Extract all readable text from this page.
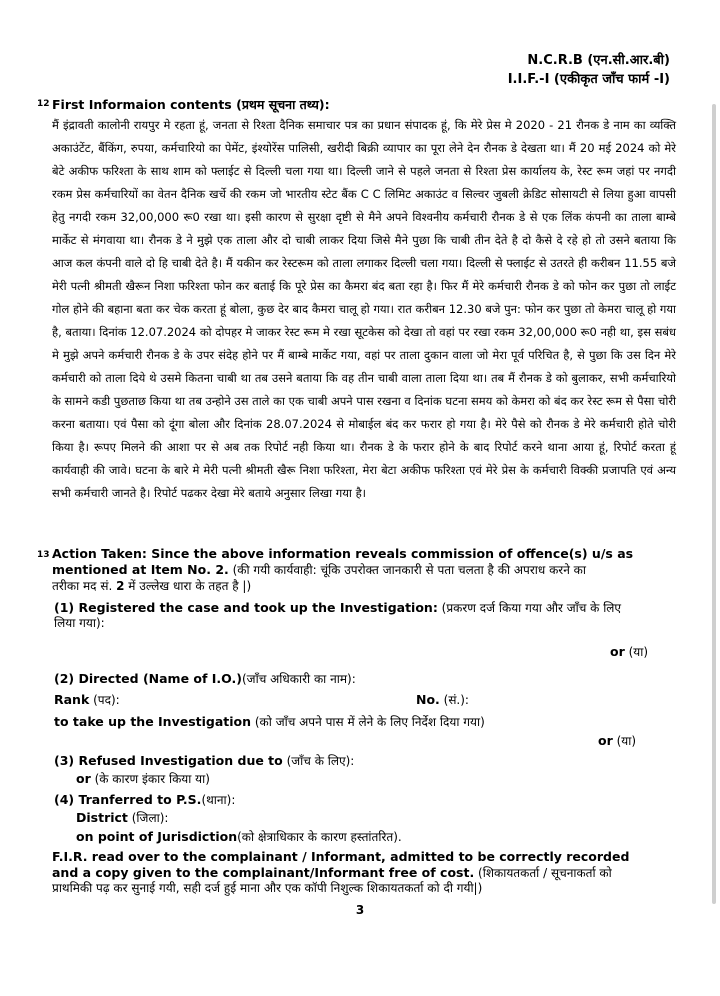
N.C.R.B (एन.सी.आर.बी)
I.I.F.-I (एकीकृत जाँच फार्म -I)
12 First Informaion contents (प्रथम सूचना तथ्य):

मैं इंद्रावती कालोनी रायपुर मे रहता हूं, जनता से रिश्ता दैनिक समाचार पत्र का प्रधान संपादक हूं, कि मेरे प्रेस मे 2020 - 21 रौनक डे नाम का व्यक्ति अकाउंटेंट, बैंकिंग, रुपया, कर्मचारियो का पेमेंट, इंश्योरेंस पालिसी, खरीदी बिक्री व्यापार का पूरा लेने देन रौनक डे देखता था। मैं 20 मई 2024 को मेरे बेटे अकीफ फरिश्ता के साथ शाम को फ्लाईट से दिल्ली चला गया था। दिल्ली जाने से पहले जनता से रिश्ता प्रेस कार्यालय के, रेस्ट रूम जहां पर नगदी रकम प्रेस कर्मचारियों का वेतन दैनिक खर्चे की रकम जो भारतीय स्टेट बैंक C C लिमिट अकाउंट व सिल्वर जुबली क्रेडिट सोसायटी से लिया हुआ वापसी हेतु नगदी रकम 32,00,000 रू0 रखा था। इसी कारण से सुरक्षा दृष्टी से मैने अपने विश्वनीय कर्मचारी रौनक डे से एक लिंक कंपनी का ताला बाम्बे मार्केट से मंगवाया था। रौनक डे ने मुझे एक ताला और दो चाबी लाकर दिया जिसे मैने पुछा कि चाबी तीन देते है दो कैसे दे रहे हो तो उसने बताया कि आज कल कंपनी वाले दो हि चाबी देते है। मैं यकीन कर रेस्टरूम को ताला लगाकर दिल्ली चला गया। दिल्ली से फ्लाईट से उतरते ही करीबन 11.55 बजे मेरी पत्नी श्रीमती खैरून निशा फरिश्ता फोन कर बताई कि पूरे प्रेस का कैमरा बंद बता रहा है। फिर मैं मेरे कर्मचारी रौनक डे को फोन कर पुछा तो लाईट गोल होने की बहाना बता कर चेक करता हूं बोला, कुछ देर बाद कैमरा चालू हो गया। रात करीबन 12.30 बजे पुन: फोन कर पुछा तो केमरा चालू हो गया है, बताया। दिनांक 12.07.2024 को दोपहर मे जाकर रेस्ट रूम मे रखा सूटकेस को देखा तो वहां पर रखा रकम 32,00,000 रू0 नही था, इस सबंध मे मुझे अपने कर्मचारी रौनक डे के उपर संदेह होने पर मैं बाम्बे मार्केट गया, वहां पर ताला दुकान वाला जो मेरा पूर्व परिचित है, से पुछा कि उस दिन मेरे कर्मचारी को ताला दिये थे उसमे कितना चाबी था तब उसने बताया कि वह तीन चाबी वाला ताला दिया था। तब मैं रौनक डे को बुलाकर, सभी कर्मचारियो के सामने कडी पुछताछ किया था तब उन्होने उस ताले का एक चाबी अपने पास रखना व दिनांक घटना समय को केमरा को बंद कर रेस्ट रूम से पैसा चोरी करना बताया। एवं पैसा को दूंगा बोला और दिनांक 28.07.2024 से मोबाईल बंद कर फरार हो गया है। मेरे पैसे को रौनक डे मेरे कर्मचारी होते चोरी किया है। रूपए मिलने की आशा पर से अब तक रिपोर्ट नही किया था। रौनक डे के फरार होने के बाद रिपोर्ट करने थाना आया हूं, रिपोर्ट करता हूं कार्यवाही की जावे। घटना के बारे मे मेरी पत्नी श्रीमती खैरू निशा फरिश्ता, मेरा बेटा अकीफ फरिश्ता एवं मेरे प्रेस के कर्मचारी विक्की प्रजापति एवं अन्य सभी कर्मचारी जानते है। रिपोर्ट पढकर देखा मेरे बताये अनुसार लिखा गया है।

13 Action Taken: Since the above information reveals commission of offence(s) u/s as
mentioned at Item No. 2. (की गयी कार्यवाही: चूंकि उपरोक्त जानकारी से पता चलता है की अपराध करने का
तरीका मद सं. 2 में उल्लेख धारा के तहत है |)
(1) Registered the case and took up the Investigation: (प्रकरण दर्ज किया गया और जाँच के लिए
लिया गया):
or (या)
(2) Directed (Name of I.O.)(जाँच अधिकारी का नाम):
Rank (पद):	No. (सं.):
to take up the Investigation (को जाँच अपने पास में लेने के लिए निर्देश दिया गया)
or (या)
(3) Refused Investigation due to (जाँच के लिए):
or (के कारण इंकार किया या)
(4) Tranferred to P.S.(थाना):
District (जिला):
on point of Jurisdiction(को क्षेत्राधिकार के कारण हस्तांतरित).
F.I.R. read over to the complainant / Informant, admitted to be correctly recorded
and a copy given to the complainant/Informant free of cost. (शिकायतकर्ता / सूचनाकर्ता को
प्राथमिकी पढ़ कर सुनाई गयी, सही दर्ज हुई माना और एक कॉपी निशुल्क शिकायतकर्ता को दी गयी|)
3
